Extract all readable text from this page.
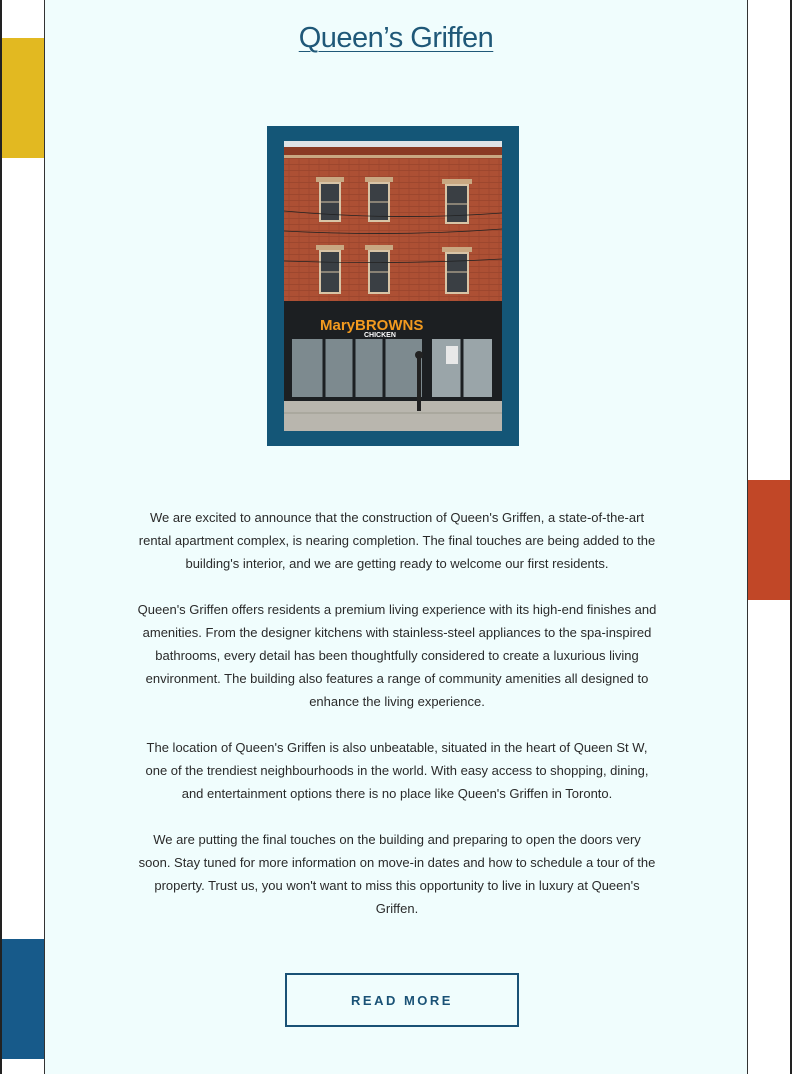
Queen’s Griffen
MaryBROWNS
CHICKEN

We are excited to announce that the construction of Queen's Griffen, a state-of-the-art rental apartment complex, is nearing completion. The final touches are being added to the building's interior, and we are getting ready to welcome our first residents.

Queen's Griffen offers residents a premium living experience with its high-end finishes and amenities. From the designer kitchens with stainless-steel appliances to the spa-inspired bathrooms, every detail has been thoughtfully considered to create a luxurious living environment. The building also features a range of community amenities all designed to enhance the living experience.

The location of Queen's Griffen is also unbeatable, situated in the heart of Queen St W, one of the trendiest neighbourhoods in the world. With easy access to shopping, dining, and entertainment options there is no place like Queen's Griffen in Toronto.

We are putting the final touches on the building and preparing to open the doors very soon. Stay tuned for more information on move-in dates and how to schedule a tour of the property. Trust us, you won't want to miss this opportunity to live in luxury at Queen's Griffen.

READ MORE
